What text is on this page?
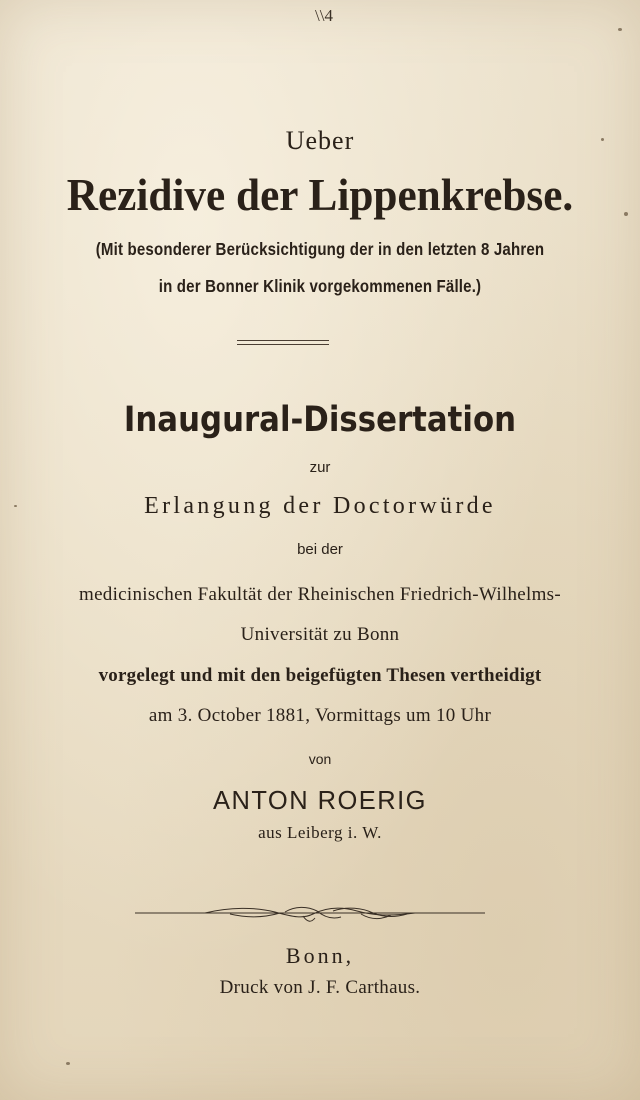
\\4
Ueber
Rezidive der Lippenkrebse.
(Mit besonderer Berücksichtigung der in den letzten 8 Jahren
in der Bonner Klinik vorgekommenen Fälle.)
Inaugural-Dissertation
zur
Erlangung der Doctorwürde
bei der
medicinischen Fakultät der Rheinischen Friedrich-Wilhelms-
Universität zu Bonn
vorgelegt und mit den beigefügten Thesen vertheidigt
am 3. October 1881, Vormittags um 10 Uhr
von
ANTON ROERIG
aus Leiberg i. W.
Bonn,
Druck von J. F. Carthaus.
